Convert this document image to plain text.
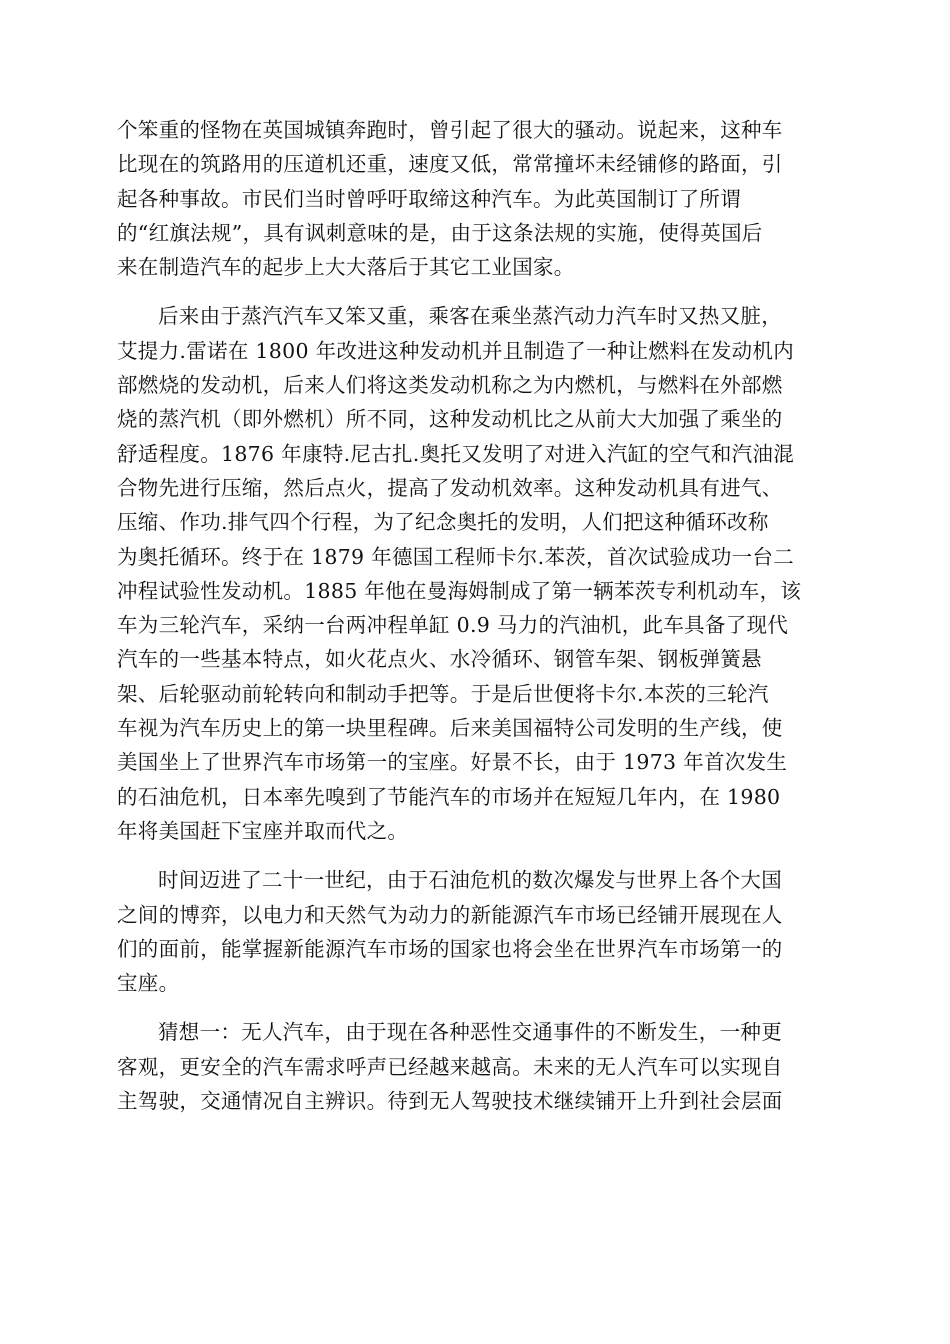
个笨重的怪物在英国城镇奔跑时，曾引起了很大的骚动。说起来，这种车
比现在的筑路用的压道机还重，速度又低，常常撞坏未经铺修的路面，引
起各种事故。市民们当时曾呼吁取缔这种汽车。为此英国制订了所谓
的“红旗法规”，具有讽刺意味的是，由于这条法规的实施，使得英国后
来在制造汽车的起步上大大落后于其它工业国家。
后来由于蒸汽汽车又笨又重，乘客在乘坐蒸汽动力汽车时又热又脏，
艾提力.雷诺在 1800 年改进这种发动机并且制造了一种让燃料在发动机内
部燃烧的发动机，后来人们将这类发动机称之为内燃机，与燃料在外部燃
烧的蒸汽机（即外燃机）所不同，这种发动机比之从前大大加强了乘坐的
舒适程度。1876 年康特.尼古扎.奥托又发明了对进入汽缸的空气和汽油混
合物先进行压缩，然后点火，提高了发动机效率。这种发动机具有进气、
压缩、作功.排气四个行程，为了纪念奥托的发明，人们把这种循环改称
为奥托循环。终于在 1879 年德国工程师卡尔.苯茨，首次试验成功一台二
冲程试验性发动机。1885 年他在曼海姆制成了第一辆苯茨专利机动车，该
车为三轮汽车，采纳一台两冲程单缸 0.9 马力的汽油机，此车具备了现代
汽车的一些基本特点，如火花点火、水冷循环、钢管车架、钢板弹簧悬
架、后轮驱动前轮转向和制动手把等。于是后世便将卡尔.本茨的三轮汽
车视为汽车历史上的第一块里程碑。后来美国福特公司发明的生产线，使
美国坐上了世界汽车市场第一的宝座。好景不长，由于 1973 年首次发生
的石油危机，日本率先嗅到了节能汽车的市场并在短短几年内，在 1980
年将美国赶下宝座并取而代之。
时间迈进了二十一世纪，由于石油危机的数次爆发与世界上各个大国
之间的博弈，以电力和天然气为动力的新能源汽车市场已经铺开展现在人
们的面前，能掌握新能源汽车市场的国家也将会坐在世界汽车市场第一的
宝座。
猜想一：无人汽车，由于现在各种恶性交通事件的不断发生，一种更
客观，更安全的汽车需求呼声已经越来越高。未来的无人汽车可以实现自
主驾驶，交通情况自主辨识。待到无人驾驶技术继续铺开上升到社会层面
